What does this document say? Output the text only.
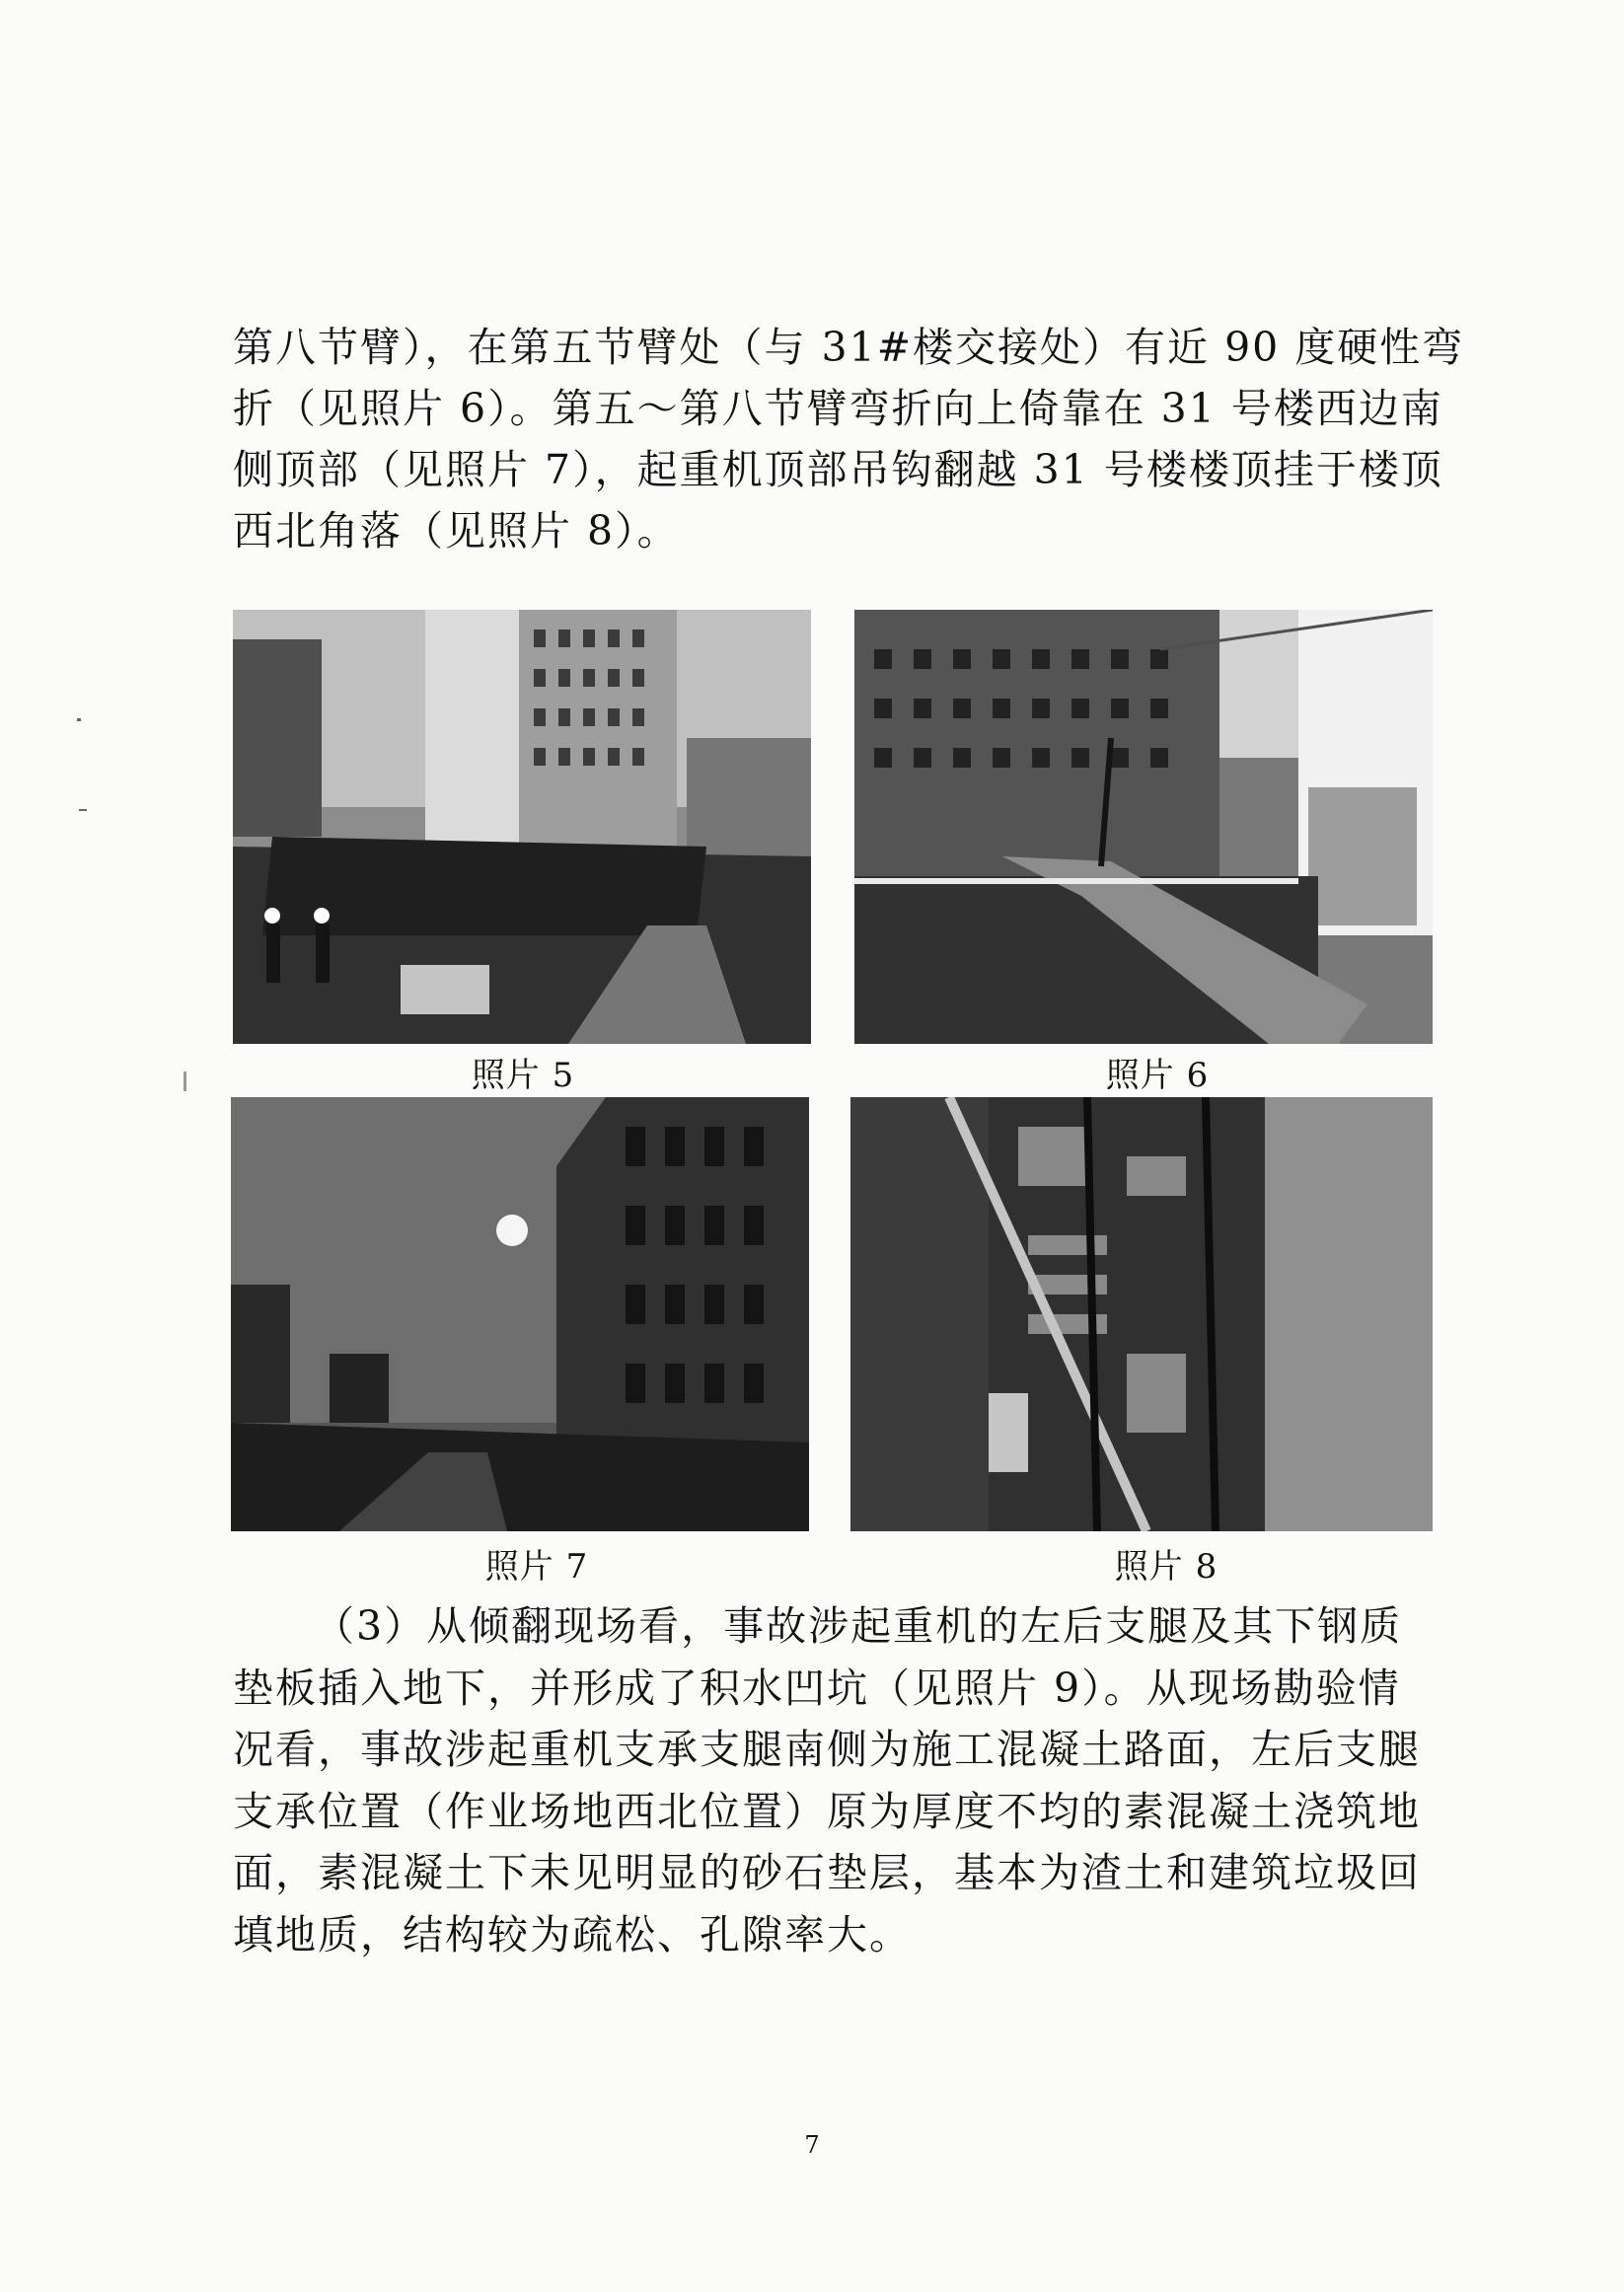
第八节臂），在第五节臂处（与 31#楼交接处）有近 90 度硬性弯
折（见照片 6）。第五～第八节臂弯折向上倚靠在 31 号楼西边南
侧顶部（见照片 7），起重机顶部吊钩翻越 31 号楼楼顶挂于楼顶
西北角落（见照片 8）。
照片 5	照片 6
照片 7	照片 8
（3）从倾翻现场看，事故涉起重机的左后支腿及其下钢质
垫板插入地下，并形成了积水凹坑（见照片 9）。从现场勘验情
况看，事故涉起重机支承支腿南侧为施工混凝土路面，左后支腿
支承位置（作业场地西北位置）原为厚度不均的素混凝土浇筑地
面，素混凝土下未见明显的砂石垫层，基本为渣土和建筑垃圾回
填地质，结构较为疏松、孔隙率大。
7
